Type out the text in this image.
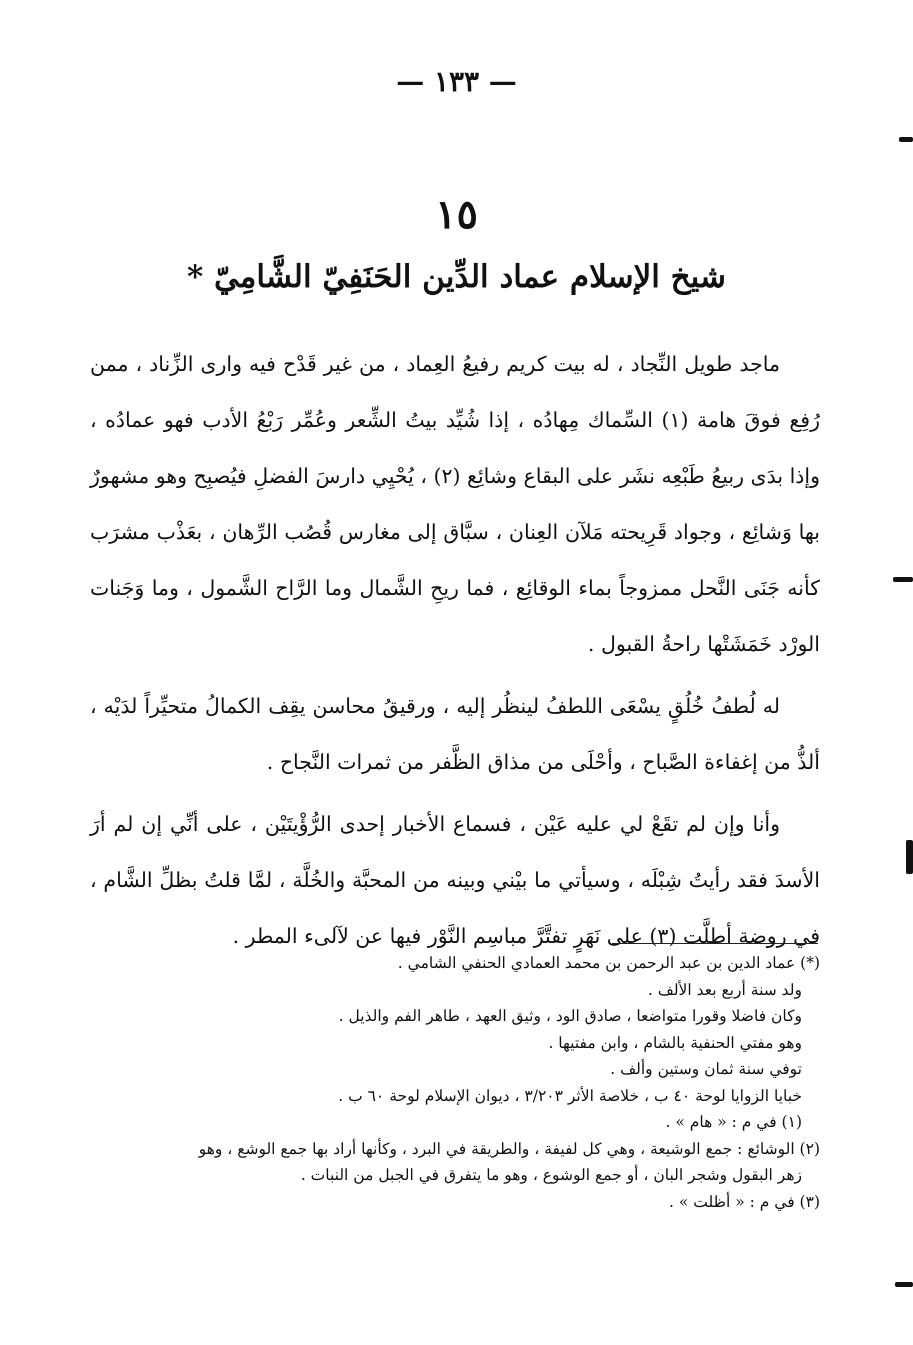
— ١٣٣ —
١٥
شيخ الإسلام عماد الدِّين الحَنَفِيّ الشَّامِيّ *

ماجد طويل النِّجاد ، له بيت كريم رفيعُ العِماد ، من غير قَدْح فيه وارى الزِّناد ، ممن رُفِع فوقَ هامة (١) السِّماك مِهادُه ، إذا شُيِّد بيتُ الشِّعر وعُمِّر رَبْعُ الأدب فهو عمادُه ، وإذا بدَى ربيعُ طَبْعِه نشَر على البقاع وشائِع (٢) ، يُحْيِي دارسَ الفضلِ فيُصبِح وهو مشهورٌ بها وَشائِع ، وجواد قَرِيحته مَلآن العِنان ، سبَّاق إلى مغارس قُصُب الرِّهان ، بعَذْب مشرَب كأنه جَنَى النَّحل ممزوجاً بماء الوقائِع ، فما ريحِ الشَّمال وما الرَّاح الشَّمول ، وما وَجَنات الورْد خَمَشَتْها راحةُ القبول .

له لُطفُ خُلُقٍ يسْعَى اللطفُ لينظُر إليه ، ورقيقُ محاسن يقِف الكمالُ متحيِّراً لدَيْه ، ألذُّ من إغفاءة الصَّباح ، وأحْلَى من مذاق الظَّفر من ثمرات النَّجاح .

وأنا وإن لم تقَعْ لي عليه عَيْن ، فسماع الأخبار إحدى الرُّؤْيتَيْن ، على أنِّي إن لم أرَ الأسدَ فقد رأيتُ شِبْلَه ، وسيأتي ما بيْني وبينه من المحبَّة والخُلَّة ، لمَّا قلتُ بظلِّ الشَّام ، في روضة أطلَّت (٣) على نَهَرٍ تفتَّرَّ مباسِم النَّوْر فيها عن لآلىء المطر .

(*) عماد الدين بن عبد الرحمن بن محمد العمادي الحنفي الشامي .
ولد سنة أربع بعد الألف .
وكان فاضلا وقورا متواضعا ، صادق الود ، وثيق العهد ، طاهر الفم والذيل .
وهو مفتي الحنفية بالشام ، وابن مفتيها .
توفي سنة ثمان وستين وألف .
خبايا الزوايا لوحة ٤٠ ب ، خلاصة الأثر ٣/٢٠٣ ، ديوان الإسلام لوحة ٦٠ ب .
(١) في م : « هام » .
(٢) الوشائع : جمع الوشيعة ، وهي كل لفيفة ، والطريقة في البرد ، وكأنها أراد بها جمع الوشع ، وهو
زهر البقول وشجر البان ، أو جمع الوشوع ، وهو ما يتفرق في الجبل من النبات .
(٣) في م : « أظلت » .
